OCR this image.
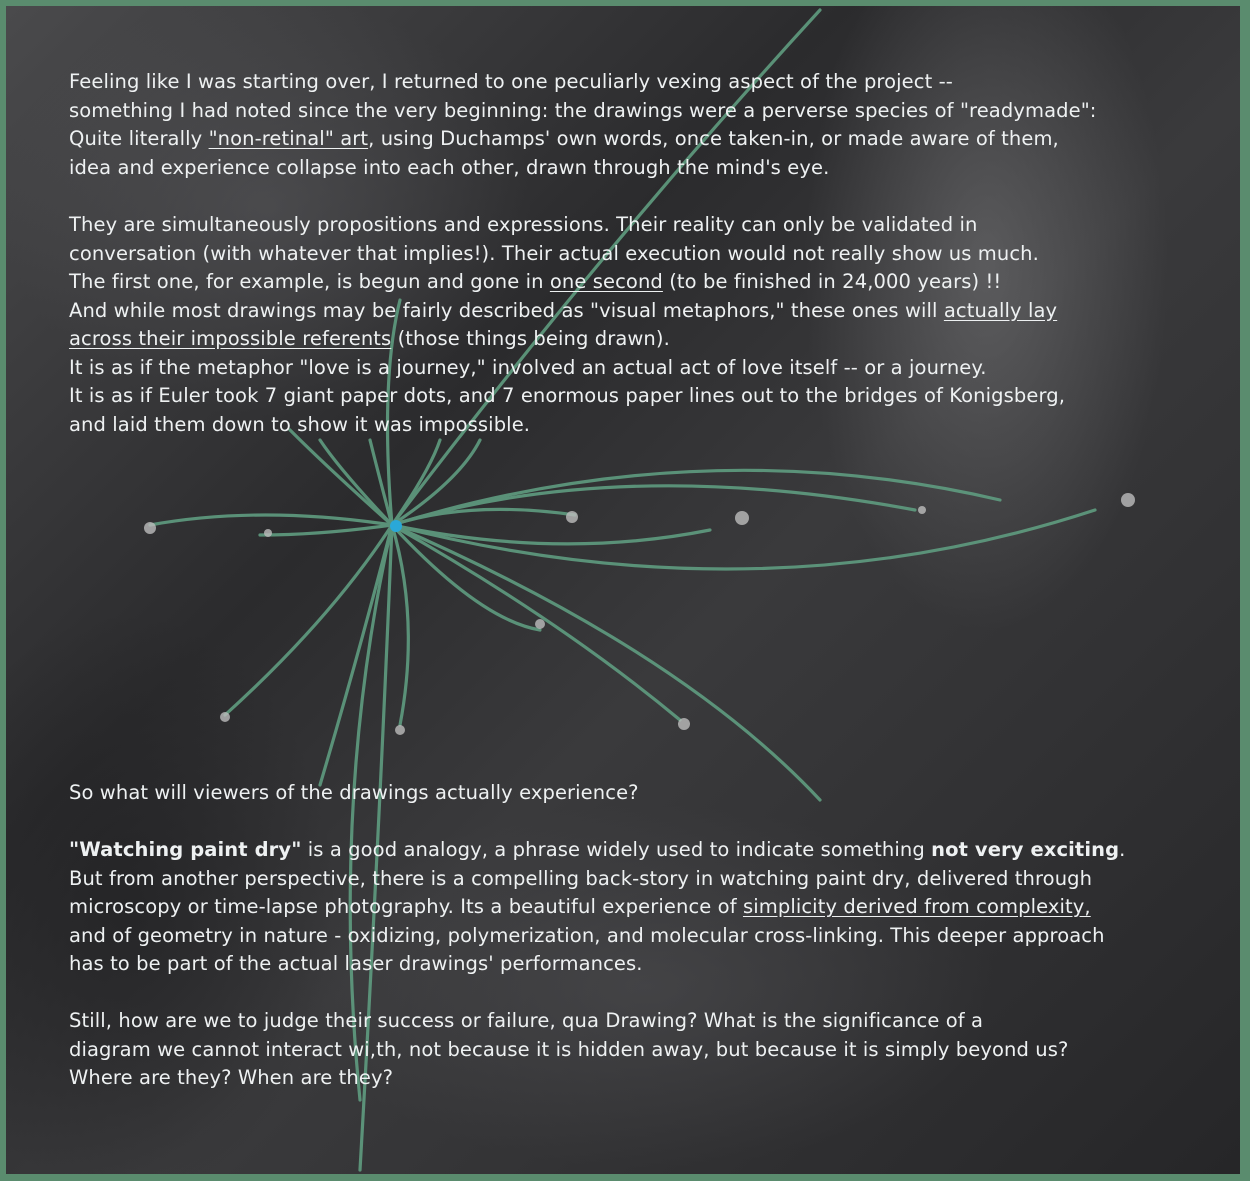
Feeling like I was starting over, I returned to one peculiarly vexing aspect of the project --

something I had noted since the very beginning: the drawings were a perverse species of "readymade":

Quite literally "non-retinal" art, using Duchamps' own words, once taken-in, or made aware of them,

idea and experience collapse into each other, drawn through the mind's eye.

They are simultaneously propositions and expressions. Their reality can only be validated in

conversation (with whatever that implies!). Their actual execution would not really show us much.

The first one, for example, is begun and gone in one second (to be finished in 24,000 years) !!

And while most drawings may be fairly described as "visual metaphors," these ones will actually lay

across their impossible referents (those things being drawn).

It is as if the metaphor "love is a journey," involved an actual act of love itself -- or a journey.

It is as if Euler took 7 giant paper dots, and 7 enormous paper lines out to the bridges of Konigsberg,

and laid them down to show it was impossible.

So what will viewers of the drawings actually experience?

"Watching paint dry" is a good analogy, a phrase widely used to indicate something not very exciting.

But from another perspective, there is a compelling back-story in watching paint dry, delivered through

microscopy or time-lapse photography. Its a beautiful experience of simplicity derived from complexity,

and of geometry in nature - oxidizing, polymerization, and molecular cross-linking. This deeper approach

has to be part of the actual laser drawings' performances.

Still, how are we to judge their success or failure, qua Drawing? What is the significance of a

diagram we cannot interact wi,th, not because it is hidden away, but because it is simply beyond us?

Where are they? When are they?
